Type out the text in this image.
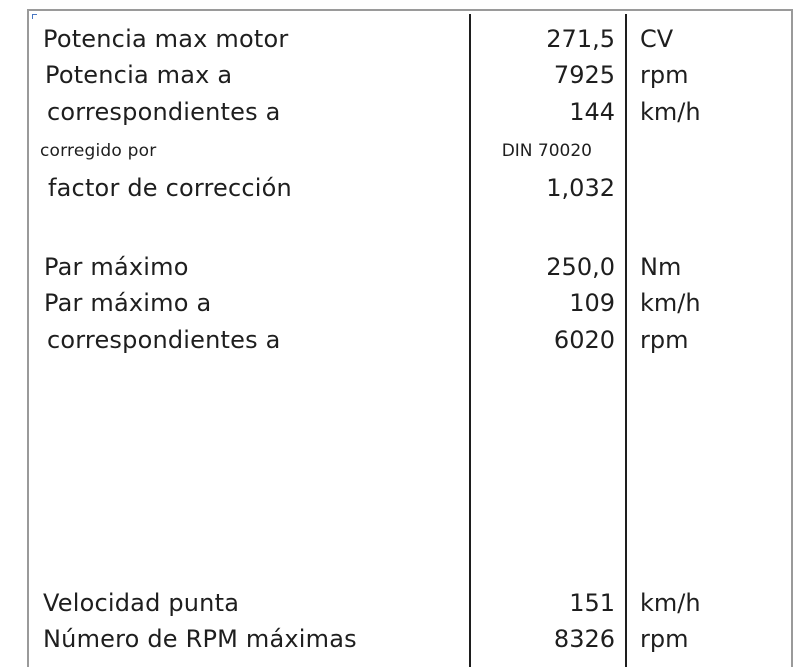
Potencia max motor	271,5 CV
Potencia max a	7925 rpm
correspondientes a	144 km/h
corregido por	DIN 70020
factor de corrección	1,032
Par máximo	250,0 Nm
Par máximo a	109 km/h
correspondientes a	6020 rpm
Velocidad punta	151 km/h
Número de RPM máximas	8326 rpm
